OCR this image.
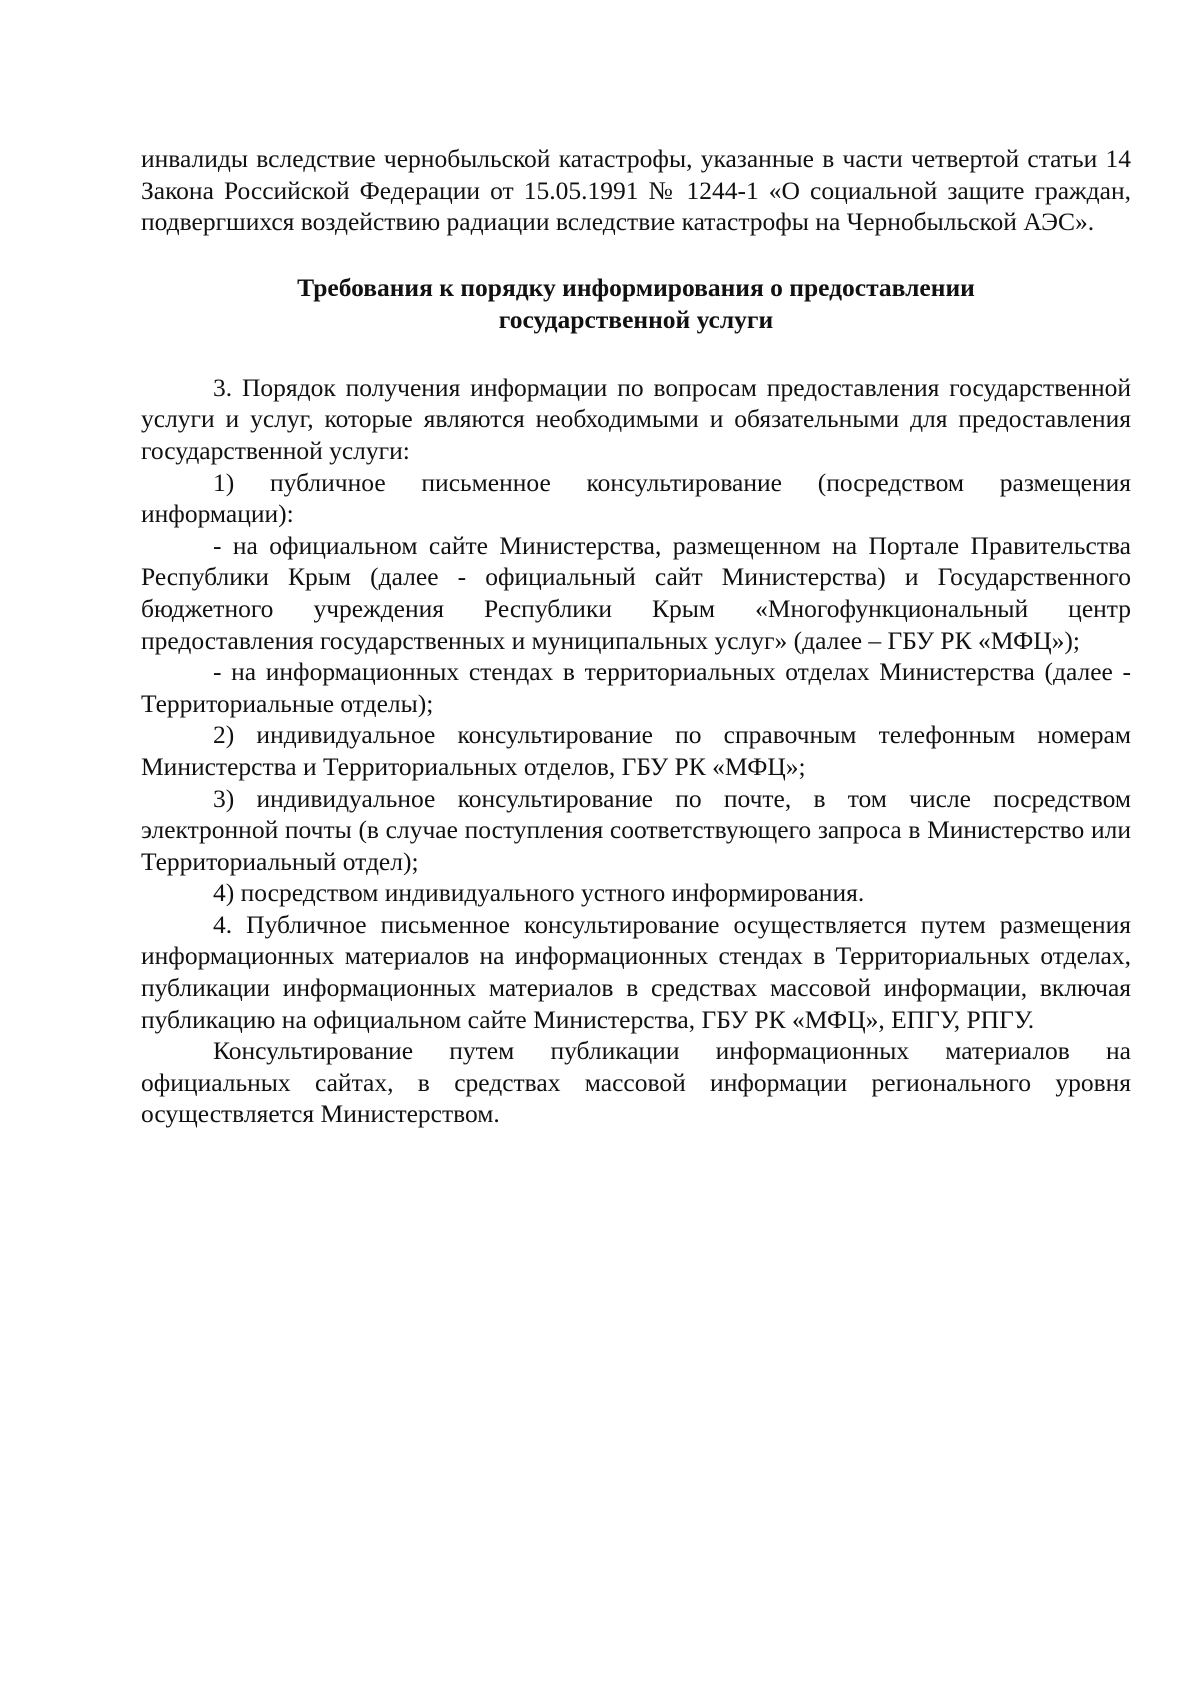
инвалиды вследствие чернобыльской катастрофы, указанные в части четвертой статьи 14 Закона Российской Федерации от 15.05.1991 № 1244-1 «О социальной защите граждан, подвергшихся воздействию радиации вследствие катастрофы на Чернобыльской АЭС».

Требования к порядку информирования о предоставлении
государственной услуги

3. Порядок получения информации по вопросам предоставления государственной услуги и услуг, которые являются необходимыми и обязательными для предоставления государственной услуги:

1) публичное письменное консультирование (посредством размещения информации):

- на официальном сайте Министерства, размещенном на Портале Правительства Республики Крым (далее - официальный сайт Министерства) и Государственного бюджетного учреждения Республики Крым «Многофункциональный центр предоставления государственных и муниципальных услуг» (далее – ГБУ РК «МФЦ»);

- на информационных стендах в территориальных отделах Министерства (далее - Территориальные отделы);

2) индивидуальное консультирование по справочным телефонным номерам Министерства и Территориальных отделов, ГБУ РК «МФЦ»;

3) индивидуальное консультирование по почте, в том числе посредством электронной почты (в случае поступления соответствующего запроса в Министерство или Территориальный отдел);

4) посредством индивидуального устного информирования.

4. Публичное письменное консультирование осуществляется путем размещения информационных материалов на информационных стендах в Территориальных отделах, публикации информационных материалов в средствах массовой информации, включая публикацию на официальном сайте Министерства, ГБУ РК «МФЦ», ЕПГУ, РПГУ.

Консультирование путем публикации информационных материалов на официальных сайтах, в средствах массовой информации регионального уровня осуществляется Министерством.
